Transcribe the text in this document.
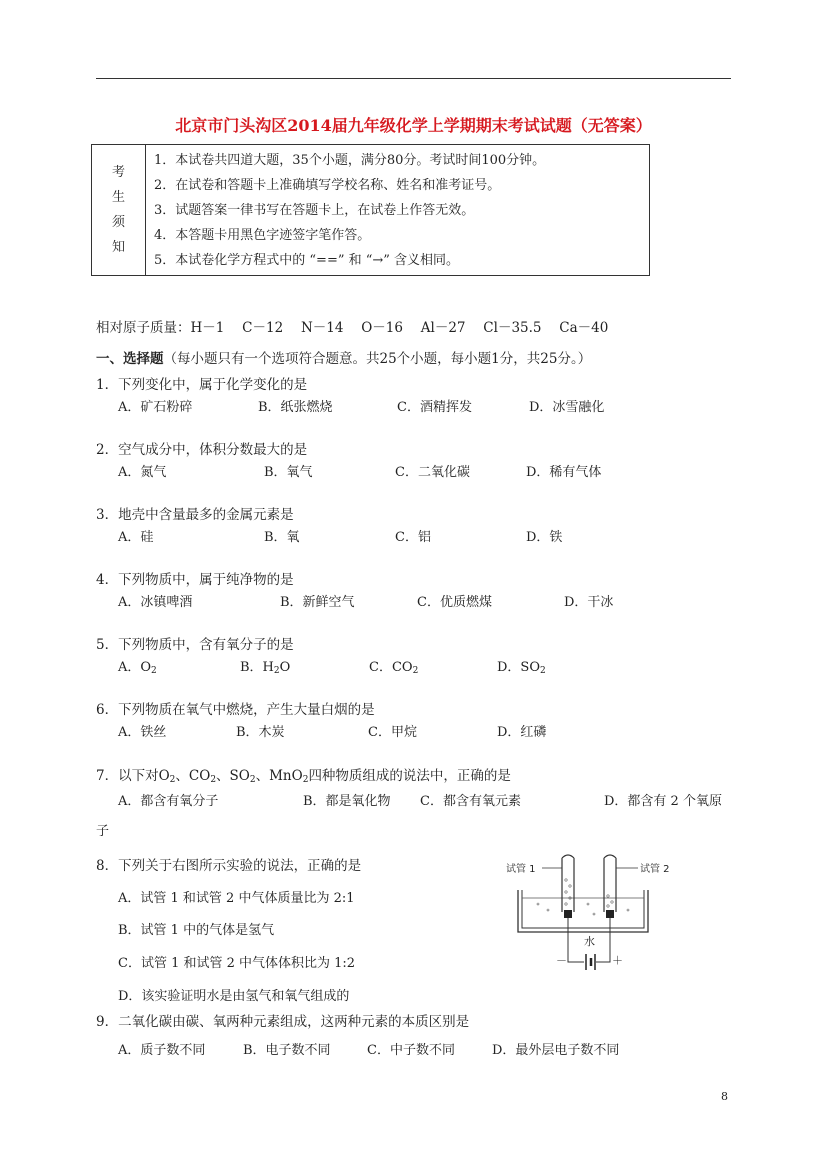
北京市门头沟区2014届九年级化学上学期期末考试试题（无答案）
考
生
须
知

1．本试卷共四道大题，35个小题，满分80分。考试时间100分钟。
2．在试卷和答题卡上准确填写学校名称、姓名和准考证号。
3．试题答案一律书写在答题卡上，在试卷上作答无效。
4．本答题卡用黑色字迹签字笔作答。
5．本试卷化学方程式中的 “==” 和 “→” 含义相同。
相对原子质量：H－1　 C－12　 N－14　 O－16　 Al－27　 Cl－35.5　 Ca－40
一、选择题（每小题只有一个选项符合题意。共25个小题，每小题1分，共25分。）
1．下列变化中，属于化学变化的是
A．矿石粉碎	B．纸张燃烧	C．酒精挥发	D．冰雪融化
2．空气成分中，体积分数最大的是
A．氮气	B．氧气	C．二氧化碳	D．稀有气体
3．地壳中含量最多的金属元素是
A．硅	B．氧	C．铝	D．铁
4．下列物质中，属于纯净物的是
A．冰镇啤酒	B．新鲜空气	C．优质燃煤	D．干冰
5．下列物质中，含有氧分子的是
A．$O_2$	B．$H_2O$	C．$CO_2$	D．$SO_2$
6．下列物质在氧气中燃烧，产生大量白烟的是
A．铁丝	B．木炭	C．甲烷	D．红磷
7．以下对$O_2$、$CO_2$、$SO_2$、MnO$_2$四种物质组成的说法中，正确的是
A．都含有氧分子	B．都是氧化物 C．都含有氧元素	D．都含有 2 个氧原
子
8．下列关于右图所示实验的说法，正确的是
A．试管 1 和试管 2 中气体质量比为 2:1
B．试管 1 中的气体是氢气
C．试管 1 和试管 2 中气体体积比为 1:2
D．该实验证明水是由氢气和氧气组成的
试管 1	试管 2
水
－	＋
9．二氧化碳由碳、氧两种元素组成，这两种元素的本质区别是
A．质子数不同	B．电子数不同	C．中子数不同	D．最外层电子数不同
8
